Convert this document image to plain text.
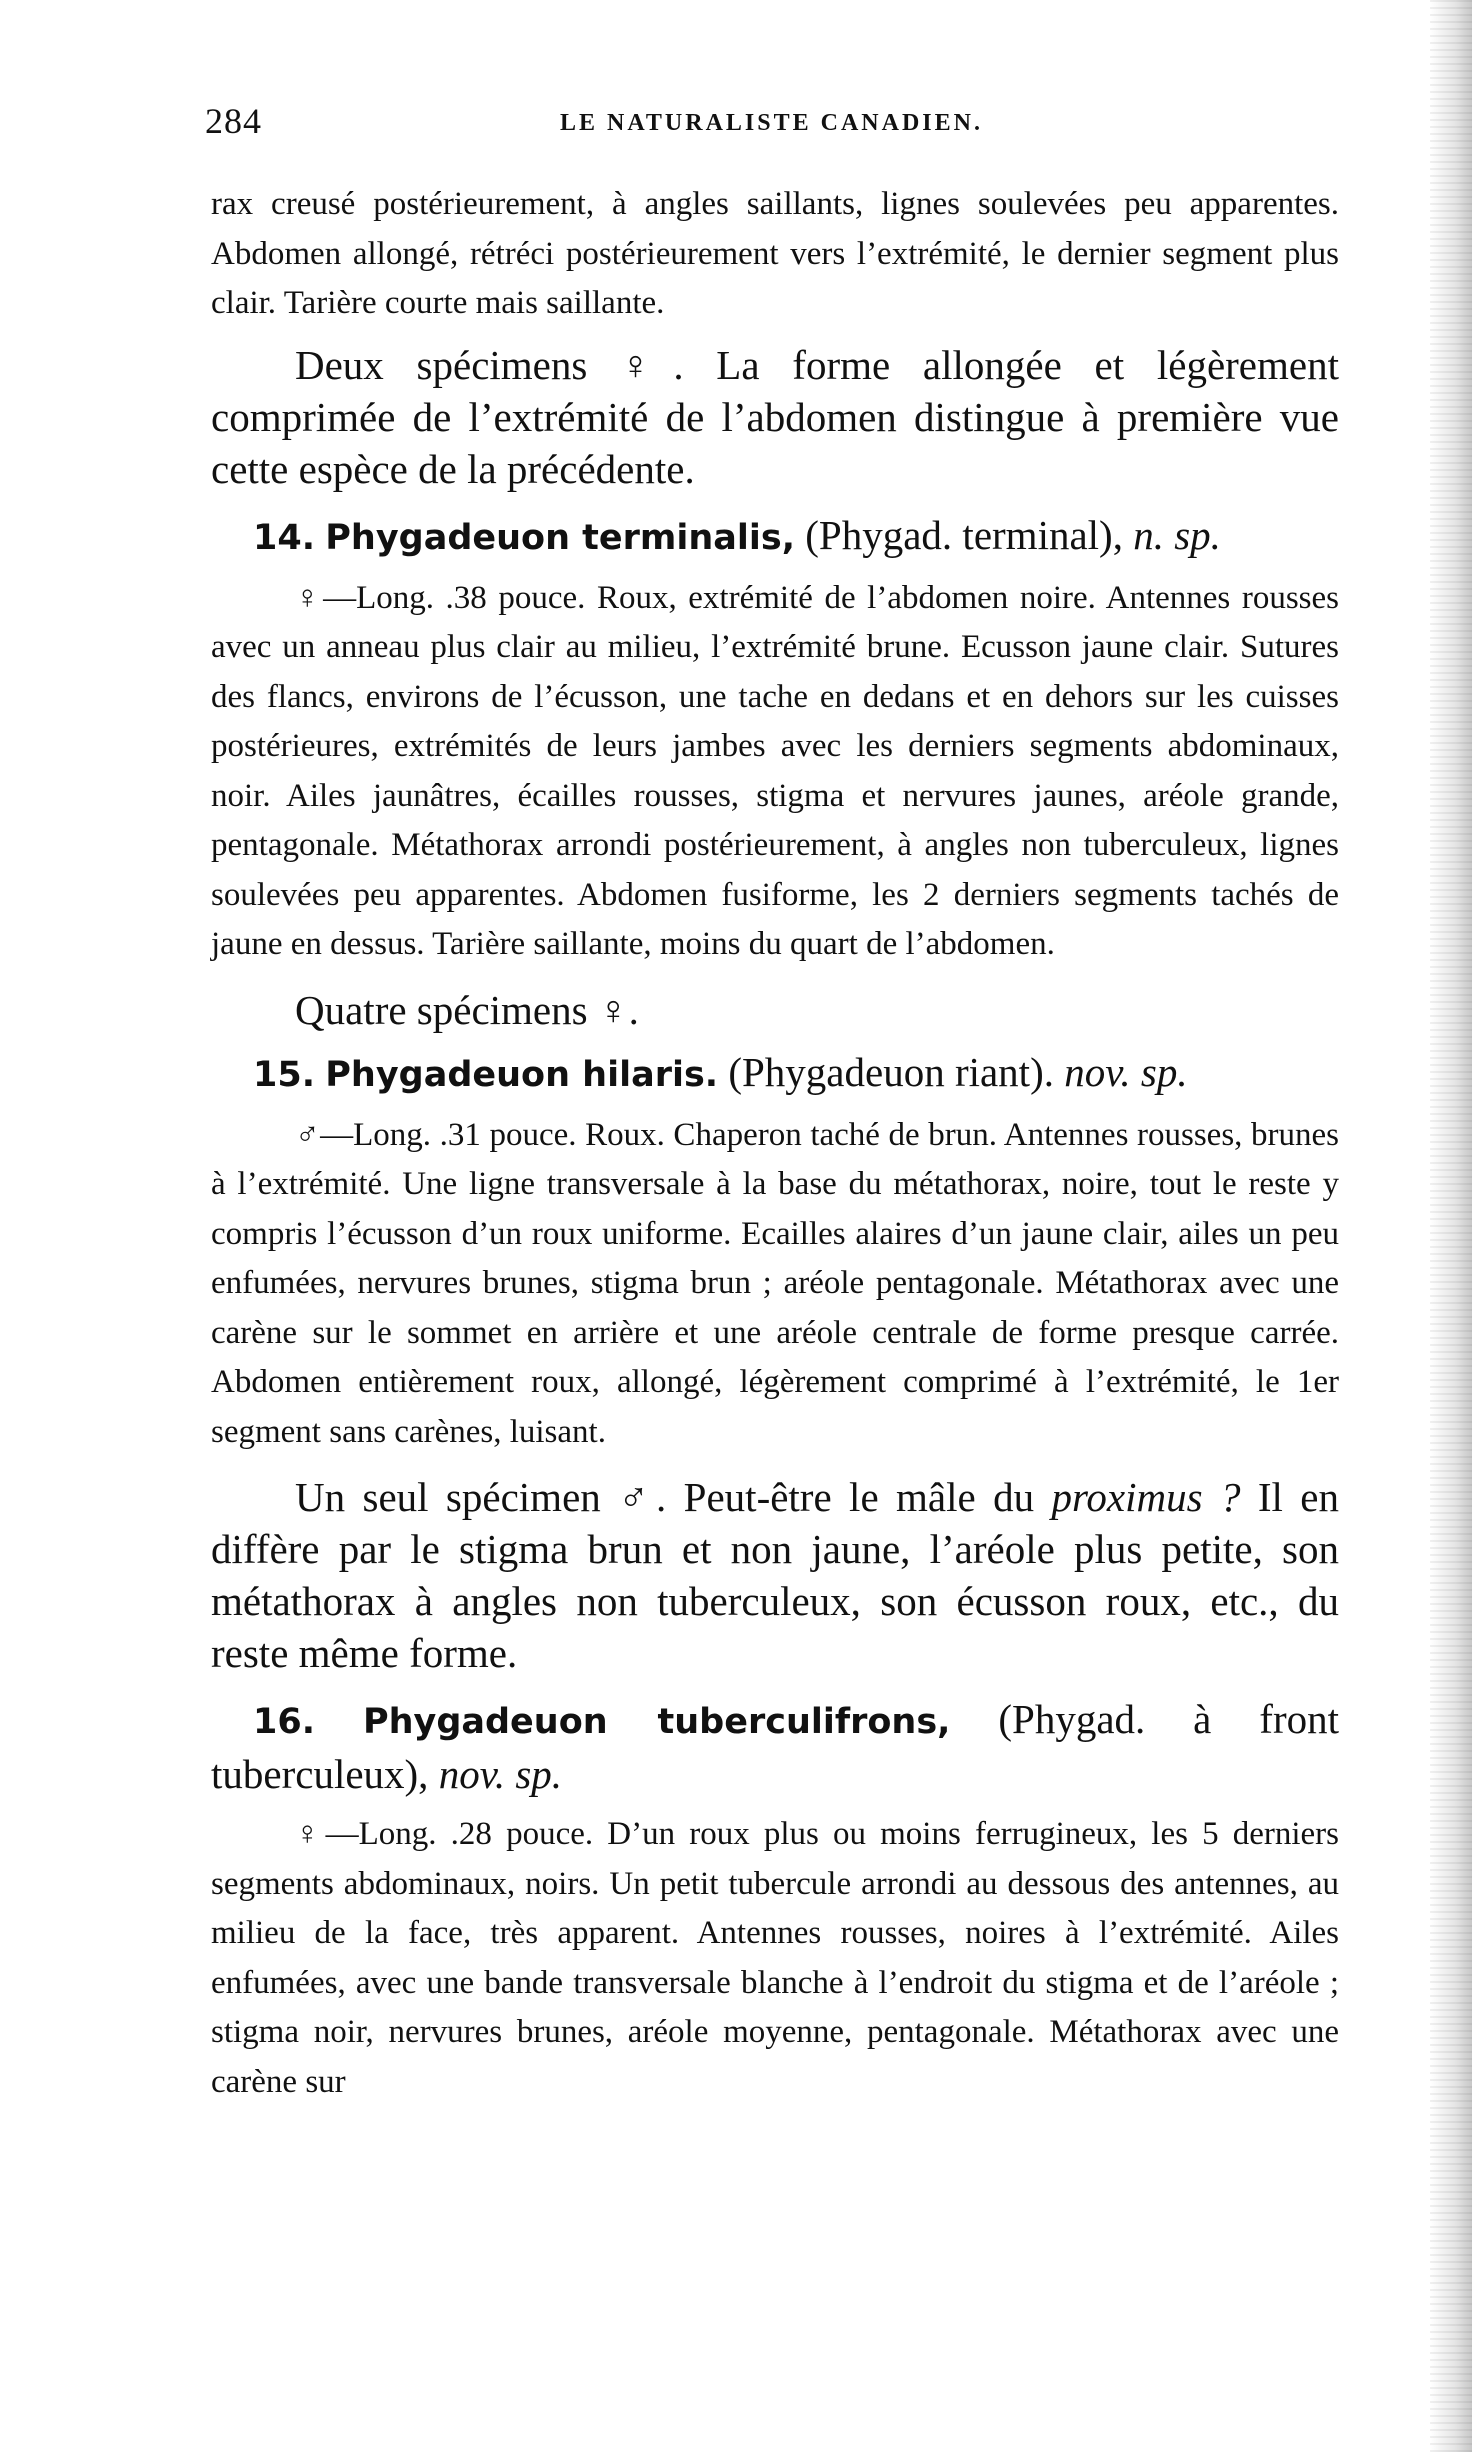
284	LE NATURALISTE CANADIEN.

rax creusé postérieurement, à angles saillants, lignes soulevées peu apparentes. Abdomen allongé, rétréci postérieurement vers l’extrémité, le dernier segment plus clair. Tarière courte mais saillante.

Deux spécimens ♀. La forme allongée et légèrement comprimée de l’extrémité de l’abdomen distingue à première vue cette espèce de la précédente.

14. Phygadeuon terminalis, (Phygad. terminal), n. sp.

♀—Long. .38 pouce. Roux, extrémité de l’abdomen noire. Antennes rousses avec un anneau plus clair au milieu, l’extrémité brune. Ecusson jaune clair. Sutures des flancs, environs de l’écusson, une tache en dedans et en dehors sur les cuisses postérieures, extrémités de leurs jambes avec les derniers segments abdominaux, noir. Ailes jaunâtres, écailles rousses, stigma et nervures jaunes, aréole grande, pentagonale. Métathorax arrondi postérieurement, à angles non tuberculeux, lignes soulevées peu apparentes. Abdomen fusiforme, les 2 derniers segments tachés de jaune en dessus. Tarière saillante, moins du quart de l’abdomen.

Quatre spécimens ♀.

15. Phygadeuon hilaris. (Phygadeuon riant). nov. sp.

♂—Long. .31 pouce. Roux. Chaperon taché de brun. Antennes rousses, brunes à l’extrémité. Une ligne transversale à la base du métathorax, noire, tout le reste y compris l’écusson d’un roux uniforme. Ecailles alaires d’un jaune clair, ailes un peu enfumées, nervures brunes, stigma brun ; aréole pentagonale. Métathorax avec une carène sur le sommet en arrière et une aréole centrale de forme presque carrée. Abdomen entièrement roux, allongé, légèrement comprimé à l’extrémité, le 1er segment sans carènes, luisant.

Un seul spécimen ♂. Peut-être le mâle du proximus ? Il en diffère par le stigma brun et non jaune, l’aréole plus petite, son métathorax à angles non tuberculeux, son écusson roux, etc., du reste même forme.

16. Phygadeuon tuberculifrons, (Phygad. à front tuberculeux), nov. sp.

♀—Long. .28 pouce. D’un roux plus ou moins ferrugineux, les 5 derniers segments abdominaux, noirs. Un petit tubercule arrondi au dessous des antennes, au milieu de la face, très apparent. Antennes rousses, noires à l’extrémité. Ailes enfumées, avec une bande transversale blanche à l’endroit du stigma et de l’aréole ; stigma noir, nervures brunes, aréole moyenne, pentagonale. Métathorax avec une carène sur
